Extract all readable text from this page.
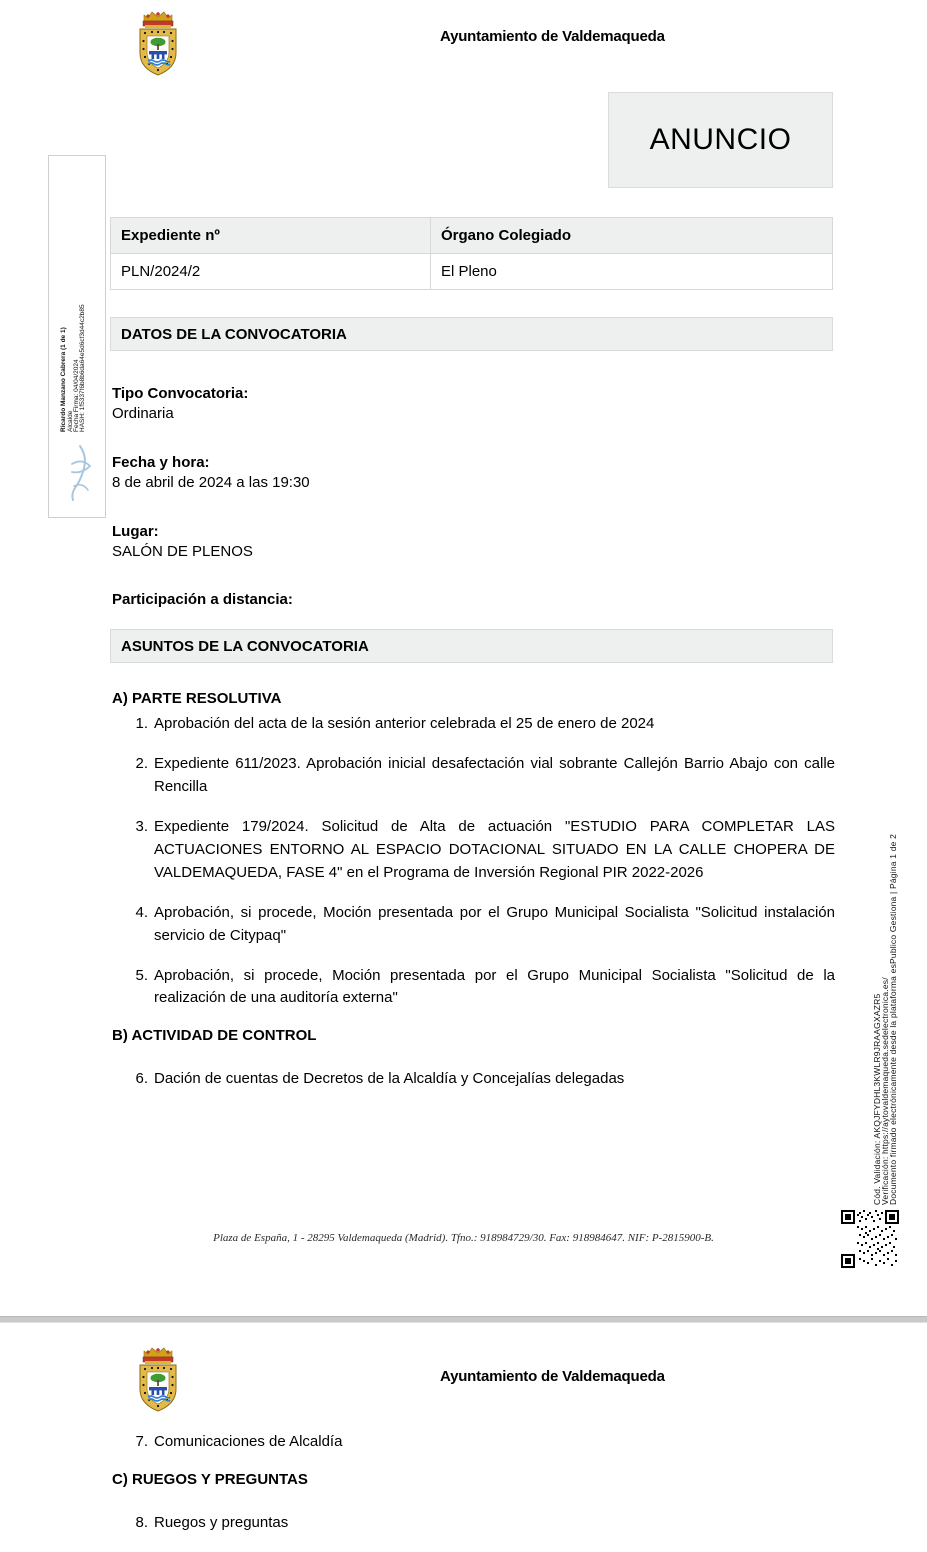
Ayuntamiento de Valdemaqueda
ANUNCIO
Expediente nº	Órgano Colegiado
PLN/2024/2	El Pleno
DATOS DE LA CONVOCATORIA

Tipo Convocatoria:

Ordinaria

Fecha y hora:

8 de abril de 2024 a las 19:30

Lugar:

SALÓN DE PLENOS

Participación a distancia:

ASUNTOS DE LA CONVOCATORIA

A) PARTE RESOLUTIVA

1. Aprobación del acta de la sesión anterior celebrada el 25 de enero de 2024
2. Expediente 611/2023. Aprobación inicial desafectación vial sobrante Callejón Barrio Abajo con calle Rencilla
3. Expediente 179/2024. Solicitud de Alta de actuación "ESTUDIO PARA COMPLETAR LAS ACTUACIONES ENTORNO AL ESPACIO DOTACIONAL SITUADO EN LA CALLE CHOPERA DE VALDEMAQUEDA, FASE 4" en el Programa de Inversión Regional PIR 2022-2026
4. Aprobación, si procede, Moción presentada por el Grupo Municipal Socialista "Solicitud instalación servicio de Citypaq"
5. Aprobación, si procede, Moción presentada por el Grupo Municipal Socialista "Solicitud de la realización de una auditoría externa"

B) ACTIVIDAD DE CONTROL

6. Dación de cuentas de Decretos de la Alcaldía y Concejalías delegadas
Plaza de España, 1 - 28295 Valdemaqueda (Madrid). Tfno.: 918984729/30. Fax: 918984647. NIF: P-2815900-B.
Cód. Validación: AKQJFYDHL3KWLR9JRAAGXAZR5
Verificación: https://aytovaldemaqueda.sedelectronica.es/
Documento firmado electrónicamente desde la plataforma esPublico Gestiona | Página 1 de 2
Ricardo Manzano Cabrera (1 de 1) Alcalde Fecha Firma: 04/04/2024 HASH: 1f5337f6b8b6da64e5d6cf3d44c2b85
Ayuntamiento de Valdemaqueda
7. Comunicaciones de Alcaldía

C) RUEGOS Y PREGUNTAS

8. Ruegos y preguntas
